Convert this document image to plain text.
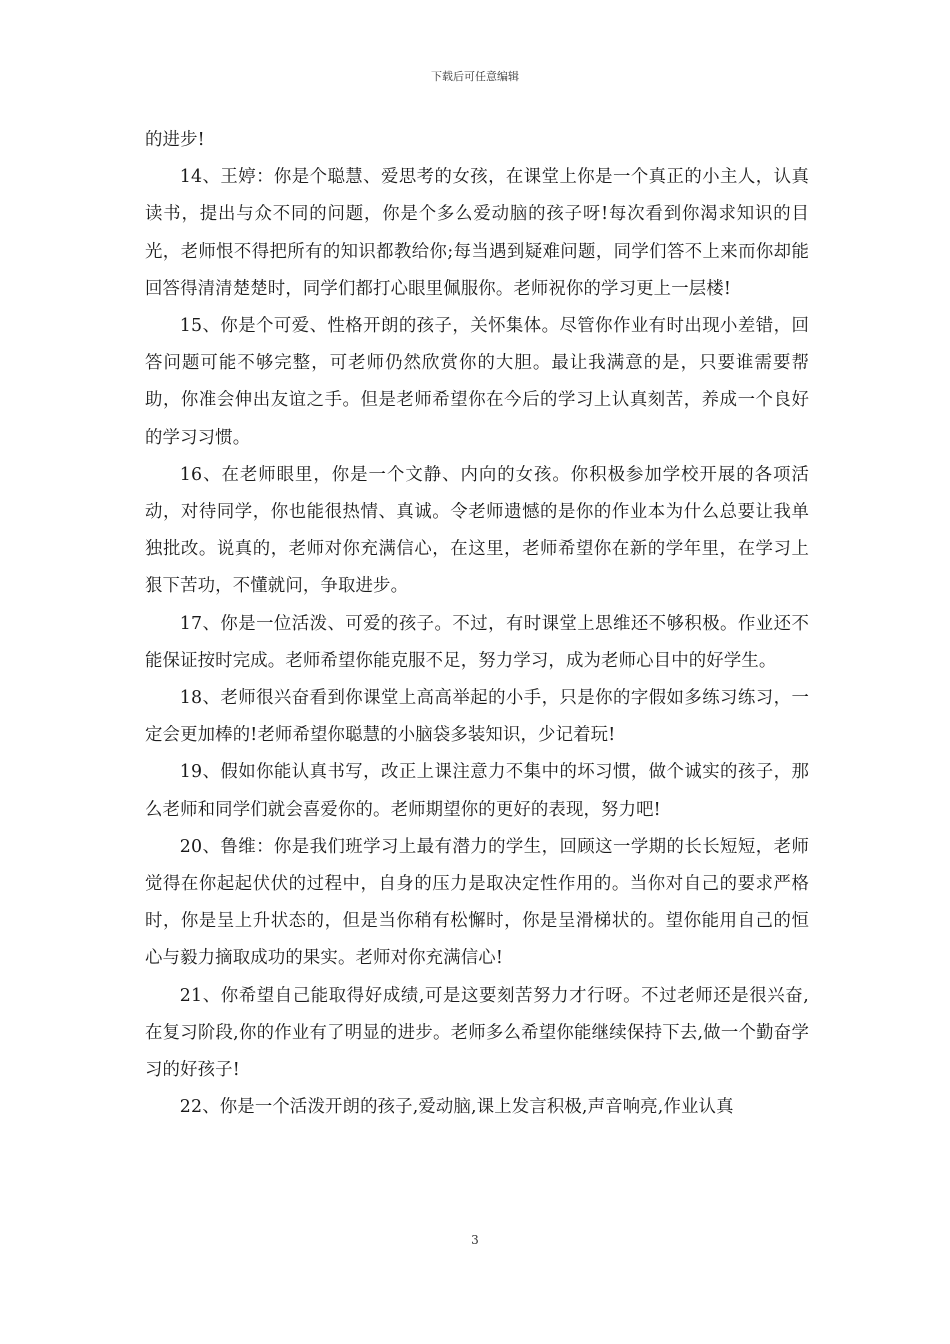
下载后可任意编辑

的进步!

14、王婷：你是个聪慧、爱思考的女孩，在课堂上你是一个真正的小主人，认真读书，提出与众不同的问题，你是个多么爱动脑的孩子呀!每次看到你渴求知识的目光，老师恨不得把所有的知识都教给你;每当遇到疑难问题，同学们答不上来而你却能回答得清清楚楚时，同学们都打心眼里佩服你。老师祝你的学习更上一层楼!

15、你是个可爱、性格开朗的孩子，关怀集体。尽管你作业有时出现小差错，回答问题可能不够完整，可老师仍然欣赏你的大胆。最让我满意的是，只要谁需要帮助，你准会伸出友谊之手。但是老师希望你在今后的学习上认真刻苦，养成一个良好的学习习惯。

16、在老师眼里，你是一个文静、内向的女孩。你积极参加学校开展的各项活动，对待同学，你也能很热情、真诚。令老师遗憾的是你的作业本为什么总要让我单独批改。说真的，老师对你充满信心，在这里，老师希望你在新的学年里，在学习上狠下苦功，不懂就问，争取进步。

17、你是一位活泼、可爱的孩子。不过，有时课堂上思维还不够积极。作业还不能保证按时完成。老师希望你能克服不足，努力学习，成为老师心目中的好学生。

18、老师很兴奋看到你课堂上高高举起的小手，只是你的字假如多练习练习，一定会更加棒的!老师希望你聪慧的小脑袋多装知识，少记着玩!

19、假如你能认真书写，改正上课注意力不集中的坏习惯，做个诚实的孩子，那么老师和同学们就会喜爱你的。老师期望你的更好的表现，努力吧!

20、鲁维：你是我们班学习上最有潜力的学生，回顾这一学期的长长短短，老师觉得在你起起伏伏的过程中，自身的压力是取决定性作用的。当你对自己的要求严格时，你是呈上升状态的，但是当你稍有松懈时，你是呈滑梯状的。望你能用自己的恒心与毅力摘取成功的果实。老师对你充满信心!

21、你希望自己能取得好成绩,可是这要刻苦努力才行呀。不过老师还是很兴奋,在复习阶段,你的作业有了明显的进步。老师多么希望你能继续保持下去,做一个勤奋学习的好孩子!

22、你是一个活泼开朗的孩子,爱动脑,课上发言积极,声音响亮,作业认真

3
